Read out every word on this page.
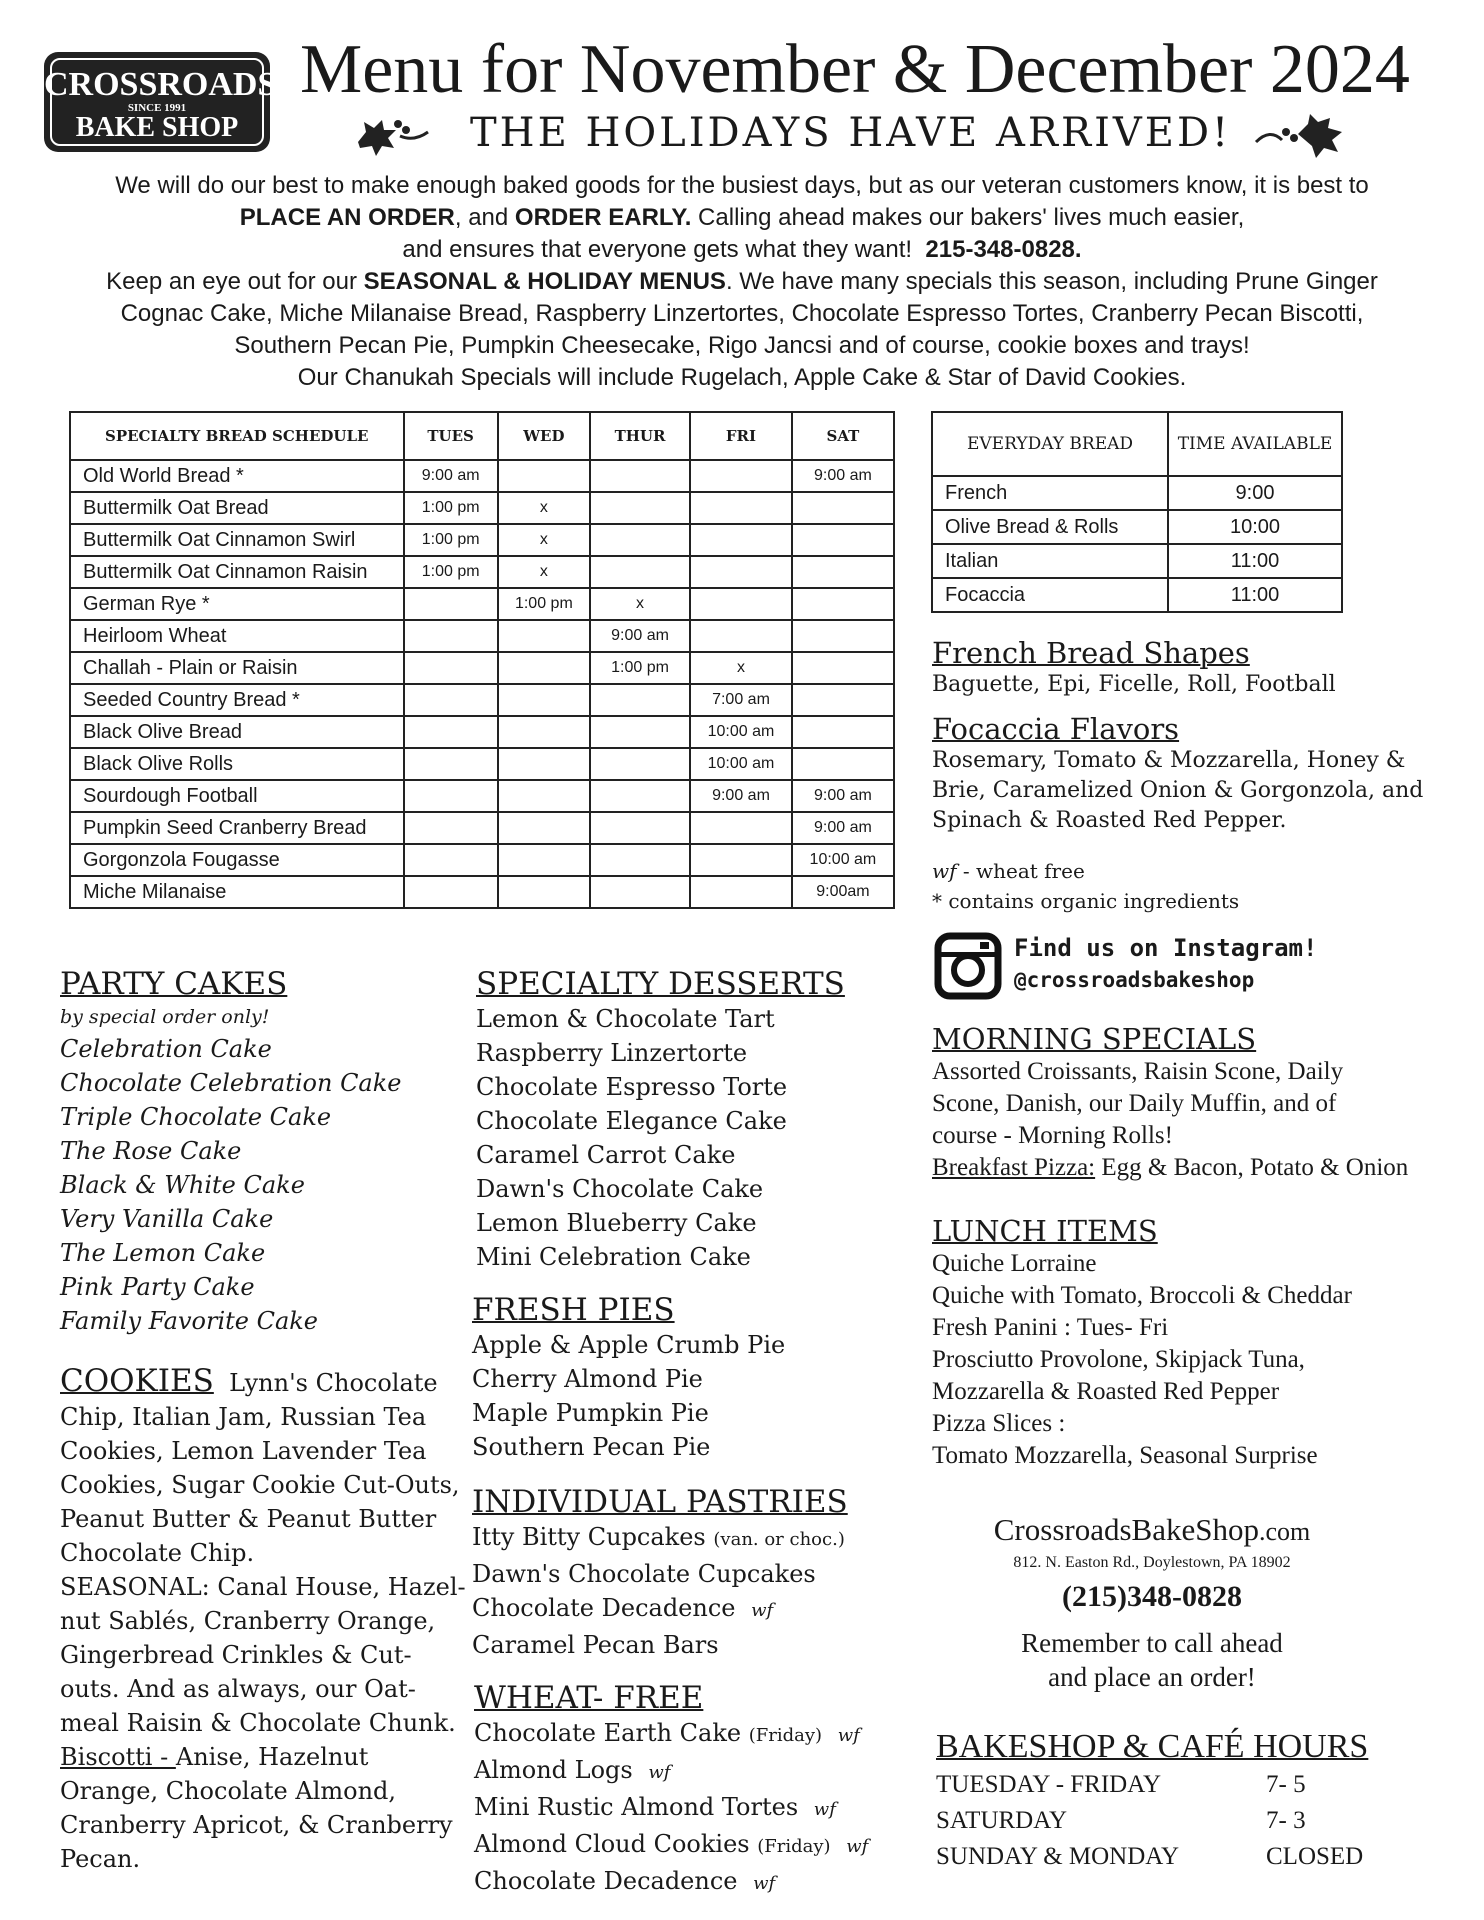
CROSSROADS
SINCE 1991
BAKE SHOP
Menu for November & December 2024
THE HOLIDAYS HAVE ARRIVED!

We will do our best to make enough baked goods for the busiest days, but as our veteran customers know, it is best to

PLACE AN ORDER, and ORDER EARLY. Calling ahead makes our bakers' lives much easier,

and ensures that everyone gets what they want! 215-348-0828.

Keep an eye out for our SEASONAL & HOLIDAY MENUS. We have many specials this season, including Prune Ginger

Cognac Cake, Miche Milanaise Bread, Raspberry Linzertortes, Chocolate Espresso Tortes, Cranberry Pecan Biscotti,

Southern Pecan Pie, Pumpkin Cheesecake, Rigo Jancsi and of course, cookie boxes and trays!

Our Chanukah Specials will include Rugelach, Apple Cake & Star of David Cookies.

SPECIALTY BREAD SCHEDULE	TUES	WED	THUR	FRI	SAT
Old World Bread *	9:00 am				9:00 am
Buttermilk Oat Bread	1:00 pm	x			
Buttermilk Oat Cinnamon Swirl	1:00 pm	x			
Buttermilk Oat Cinnamon Raisin	1:00 pm	x			
German Rye *		1:00 pm	x		
Heirloom Wheat			9:00 am		
Challah - Plain or Raisin			1:00 pm	x	
Seeded Country Bread *				7:00 am	
Black Olive Bread				10:00 am	
Black Olive Rolls				10:00 am	
Sourdough Football				9:00 am	9:00 am
Pumpkin Seed Cranberry Bread					9:00 am
Gorgonzola Fougasse					10:00 am
Miche Milanaise					9:00am
EVERYDAY BREAD	TIME AVAILABLE
French	9:00
Olive Bread & Rolls	10:00
Italian	11:00
Focaccia	11:00
French Bread Shapes
Baguette, Epi, Ficelle, Roll, Football
Focaccia Flavors
Rosemary, Tomato & Mozzarella, Honey &
Brie, Caramelized Onion & Gorgonzola, and
Spinach & Roasted Red Pepper.
wf - wheat free
* contains organic ingredients
Find us on Instagram!
@crossroadsbakeshop
PARTY CAKES
by special order only!
Celebration Cake
Chocolate Celebration Cake
Triple Chocolate Cake
The Rose Cake
Black & White Cake
Very Vanilla Cake
The Lemon Cake
Pink Party Cake
Family Favorite Cake
COOKIES Lynn's Chocolate
Chip, Italian Jam, Russian Tea
Cookies, Lemon Lavender Tea
Cookies, Sugar Cookie Cut-Outs,
Peanut Butter & Peanut Butter
Chocolate Chip.
SEASONAL: Canal House, Hazel-
nut Sablés, Cranberry Orange,
Gingerbread Crinkles & Cut-
outs. And as always, our Oat-
meal Raisin & Chocolate Chunk.
Biscotti - Anise, Hazelnut
Orange, Chocolate Almond,
Cranberry Apricot, & Cranberry
Pecan.
SPECIALTY DESSERTS
Lemon & Chocolate Tart
Raspberry Linzertorte
Chocolate Espresso Torte
Chocolate Elegance Cake
Caramel Carrot Cake
Dawn's Chocolate Cake
Lemon Blueberry Cake
Mini Celebration Cake
FRESH PIES
Apple & Apple Crumb Pie
Cherry Almond Pie
Maple Pumpkin Pie
Southern Pecan Pie
INDIVIDUAL PASTRIES
Itty Bitty Cupcakes (van. or choc.)
Dawn's Chocolate Cupcakes
Chocolate Decadence wf
Caramel Pecan Bars
WHEAT- FREE
Chocolate Earth Cake (Friday) wf
Almond Logs wf
Mini Rustic Almond Tortes wf
Almond Cloud Cookies (Friday) wf
Chocolate Decadence wf
MORNING SPECIALS
Assorted Croissants, Raisin Scone, Daily
Scone, Danish, our Daily Muffin, and of
course - Morning Rolls!
Breakfast Pizza: Egg & Bacon, Potato & Onion
LUNCH ITEMS
Quiche Lorraine
Quiche with Tomato, Broccoli & Cheddar
Fresh Panini : Tues- Fri
Prosciutto Provolone, Skipjack Tuna,
Mozzarella & Roasted Red Pepper
Pizza Slices :
Tomato Mozzarella, Seasonal Surprise
CrossroadsBakeShop.com
812. N. Easton Rd., Doylestown, PA 18902
(215)348-0828
Remember to call ahead
and place an order!
BAKESHOP & CAFÉ HOURS
TUESDAY - FRIDAY	7- 5
SATURDAY	7- 3
SUNDAY & MONDAY	CLOSED
